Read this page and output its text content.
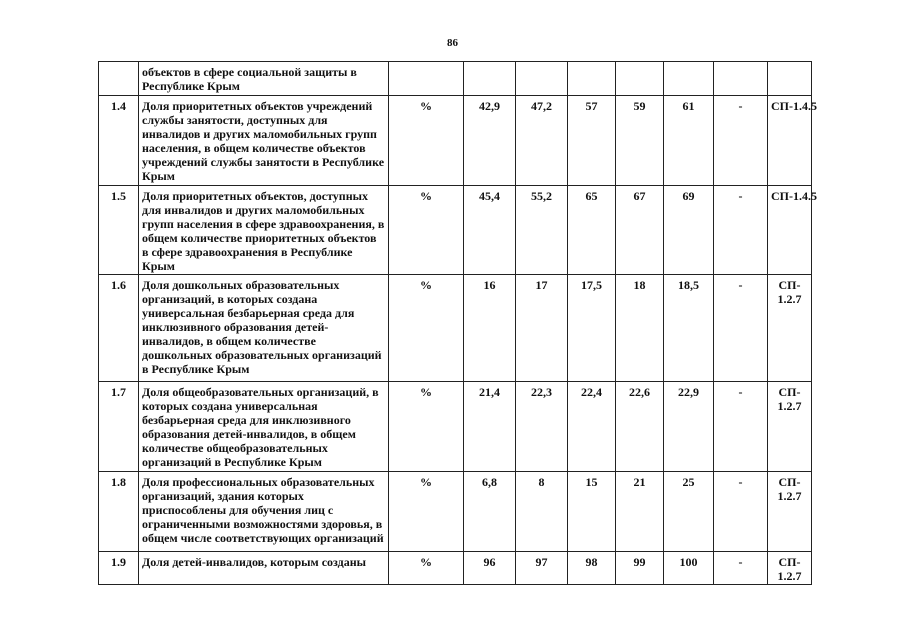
86
	объектов в сфере социальной защиты в Республике Крым								
1.4	Доля приоритетных объектов учреждений службы занятости, доступных для инвалидов и других маломобильных групп населения, в общем количестве объектов учреждений службы занятости в Республике Крым	%	42,9	47,2	57	59	61	-	СП-1.4.5
1.5	Доля приоритетных объектов, доступных для инвалидов и других маломобильных групп населения в сфере здравоохранения, в общем количестве приоритетных объектов в сфере здравоохранения в Республике Крым	%	45,4	55,2	65	67	69	-	СП-1.4.5
1.6	Доля дошкольных образовательных организаций, в которых создана универсальная безбарьерная среда для инклюзивного образования детей-инвалидов, в общем количестве дошкольных образовательных организаций в Республике Крым	%	16	17	17,5	18	18,5	-	СП- 1.2.7
1.7	Доля общеобразовательных организаций, в которых создана универсальная безбарьерная среда для инклюзивного образования детей-инвалидов, в общем количестве общеобразовательных организаций в Республике Крым	%	21,4	22,3	22,4	22,6	22,9	-	СП- 1.2.7
1.8	Доля профессиональных образовательных организаций, здания которых приспособлены для обучения лиц с ограниченными возможностями здоровья, в общем числе соответствующих организаций	%	6,8	8	15	21	25	-	СП- 1.2.7
1.9	Доля детей-инвалидов, которым созданы	%	96	97	98	99	100	-	СП- 1.2.7
